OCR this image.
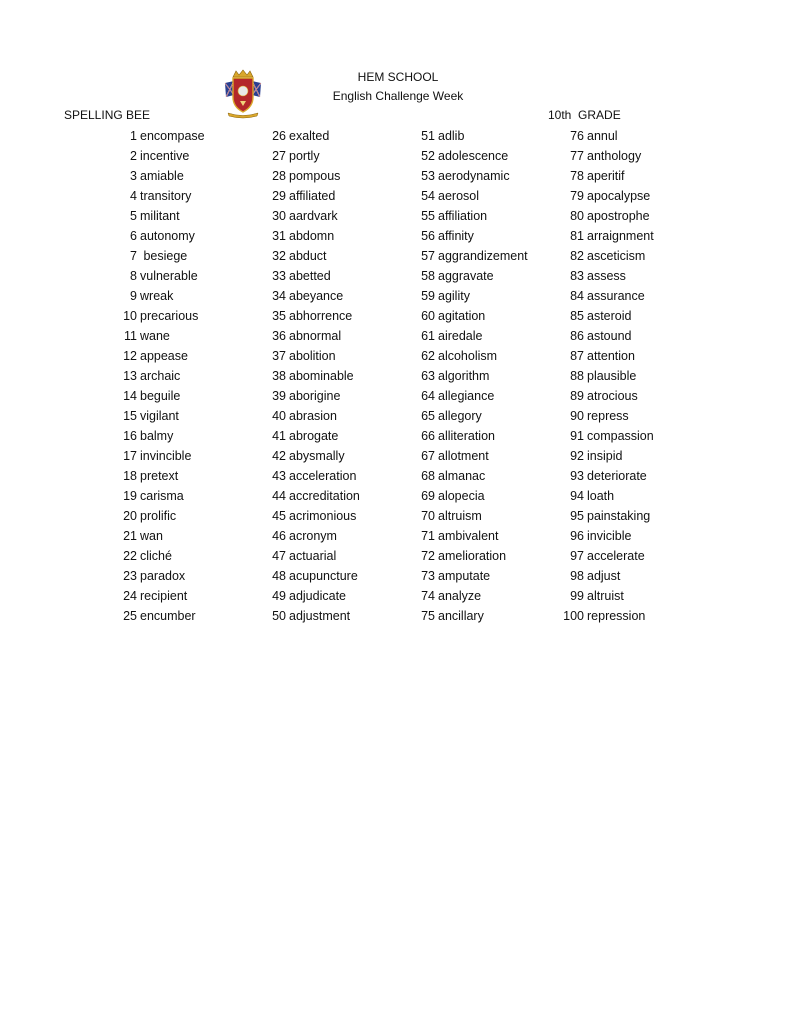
HEM SCHOOL
English Challenge Week
SPELLING BEE	10th  GRADE
1 encompase
2 incentive
3 amiable
4 transitory
5 militant
6 autonomy
7 besiege
8 vulnerable
9 wreak
10 precarious
11 wane
12 appease
13 archaic
14 beguile
15 vigilant
16 balmy
17 invincible
18 pretext
19 carisma
20 prolific
21 wan
22 cliché
23 paradox
24 recipient
25 encumber
26 exalted
27 portly
28 pompous
29 affiliated
30 aardvark
31 abdomn
32 abduct
33 abetted
34 abeyance
35 abhorrence
36 abnormal
37 abolition
38 abominable
39 aborigine
40 abrasion
41 abrogate
42 abysmally
43 acceleration
44 accreditation
45 acrimonious
46 acronym
47 actuarial
48 acupuncture
49 adjudicate
50 adjustment
51 adlib
52 adolescence
53 aerodynamic
54 aerosol
55 affiliation
56 affinity
57 aggrandizement
58 aggravate
59 agility
60 agitation
61 airedale
62 alcoholism
63 algorithm
64 allegiance
65 allegory
66 alliteration
67 allotment
68 almanac
69 alopecia
70 altruism
71 ambivalent
72 amelioration
73 amputate
74 analyze
75 ancillary
76 annul
77 anthology
78 aperitif
79 apocalypse
80 apostrophe
81 arraignment
82 asceticism
83 assess
84 assurance
85 asteroid
86 astound
87 attention
88 plausible
89 atrocious
90 repress
91 compassion
92 insipid
93 deteriorate
94 loath
95 painstaking
96 invicible
97 accelerate
98 adjust
99 altruist
100 repression
